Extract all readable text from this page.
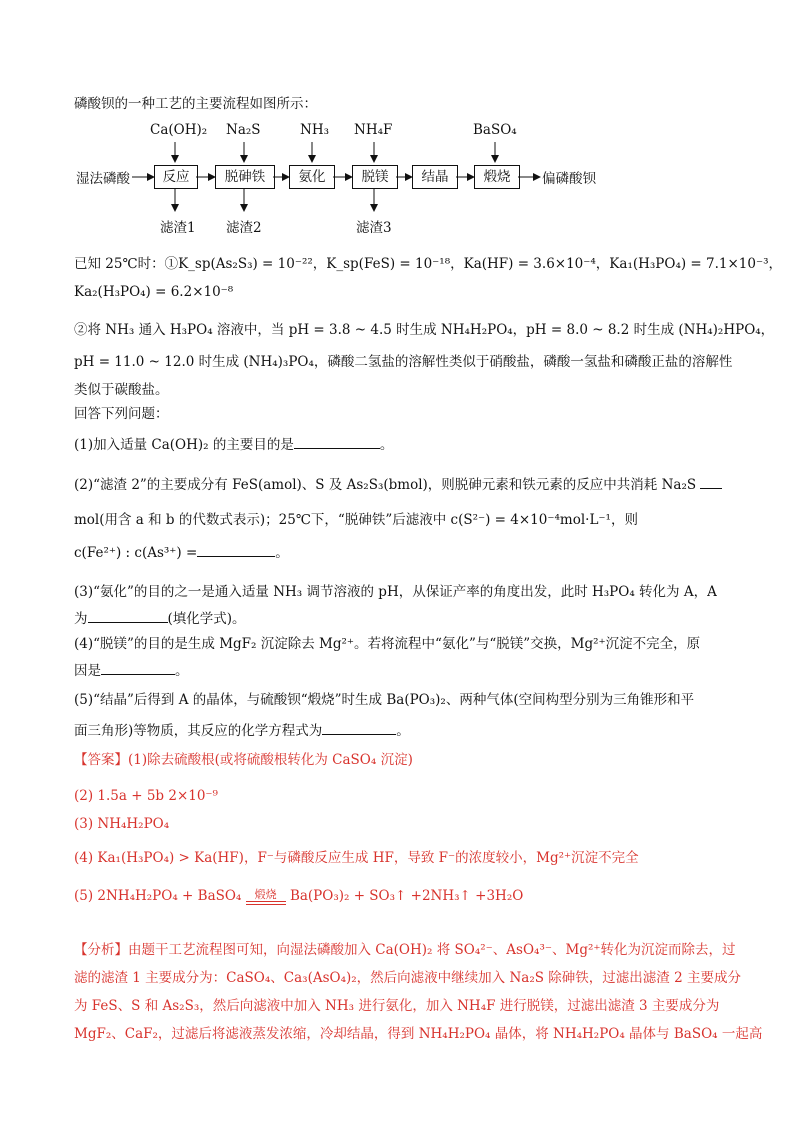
磷酸钡的一种工艺的主要流程如图所示：
湿法磷酸	反应	脱砷铁	氨化	脱镁	结晶	煅烧	偏磷酸钡
Ca(OH)₂ Na₂S	NH₃ NH₄F	BaSO₄
滤渣1 滤渣2	滤渣3
已知 25℃时：①K_sp(As₂S₃) = 10⁻²²，K_sp(FeS) = 10⁻¹⁸，Ka(HF) = 3.6×10⁻⁴，Ka₁(H₃PO₄) = 7.1×10⁻³，
Ka₂(H₃PO₄) = 6.2×10⁻⁸
②将 NH₃ 通入 H₃PO₄ 溶液中，当 pH = 3.8 ~ 4.5 时生成 NH₄H₂PO₄，pH = 8.0 ~ 8.2 时生成 (NH₄)₂HPO₄，
pH = 11.0 ~ 12.0 时生成 (NH₄)₃PO₄，磷酸二氢盐的溶解性类似于硝酸盐，磷酸一氢盐和磷酸正盐的溶解性
类似于碳酸盐。
回答下列问题：
(1)加入适量 Ca(OH)₂ 的主要目的是	。
(2)“滤渣 2”的主要成分有 FeS(amol)、S 及 As₂S₃(bmol)，则脱砷元素和铁元素的反应中共消耗 Na₂S
mol(用含 a 和 b 的代数式表示)；25℃下，“脱砷铁”后滤液中 c(S²⁻) = 4×10⁻⁴mol·L⁻¹，则
c(Fe²⁺) : c(As³⁺) =	。
(3)“氨化”的目的之一是通入适量 NH₃ 调节溶液的 pH，从保证产率的角度出发，此时 H₃PO₄ 转化为 A，A
为	(填化学式)。
(4)“脱镁”的目的是生成 MgF₂ 沉淀除去 Mg²⁺。若将流程中“氨化”与“脱镁”交换，Mg²⁺沉淀不完全，原
因是	。
(5)“结晶”后得到 A 的晶体，与硫酸钡“煅烧”时生成 Ba(PO₃)₂、两种气体(空间构型分别为三角锥形和平
面三角形)等物质，其反应的化学方程式为	。
【答案】(1)除去硫酸根(或将硫酸根转化为 CaSO₄ 沉淀)
(2) 1.5a + 5b 2×10⁻⁹
(3) NH₄H₂PO₄
(4) Ka₁(H₃PO₄) > Ka(HF)，F⁻与磷酸反应生成 HF，导致 F⁻的浓度较小，Mg²⁺沉淀不完全
(5) 2NH₄H₂PO₄ + BaSO₄	煅烧 Ba(PO₃)₂ + SO₃↑ +2NH₃↑ +3H₂O
【分析】由题干工艺流程图可知，向湿法磷酸加入 Ca(OH)₂ 将 SO₄²⁻、AsO₄³⁻、Mg²⁺转化为沉淀而除去，过
滤的滤渣 1 主要成分为：CaSO₄、Ca₃(AsO₄)₂，然后向滤液中继续加入 Na₂S 除砷铁，过滤出滤渣 2 主要成分
为 FeS、S 和 As₂S₃，然后向滤液中加入 NH₃ 进行氨化，加入 NH₄F 进行脱镁，过滤出滤渣 3 主要成分为
MgF₂、CaF₂，过滤后将滤液蒸发浓缩，冷却结晶，得到 NH₄H₂PO₄ 晶体，将 NH₄H₂PO₄ 晶体与 BaSO₄ 一起高
